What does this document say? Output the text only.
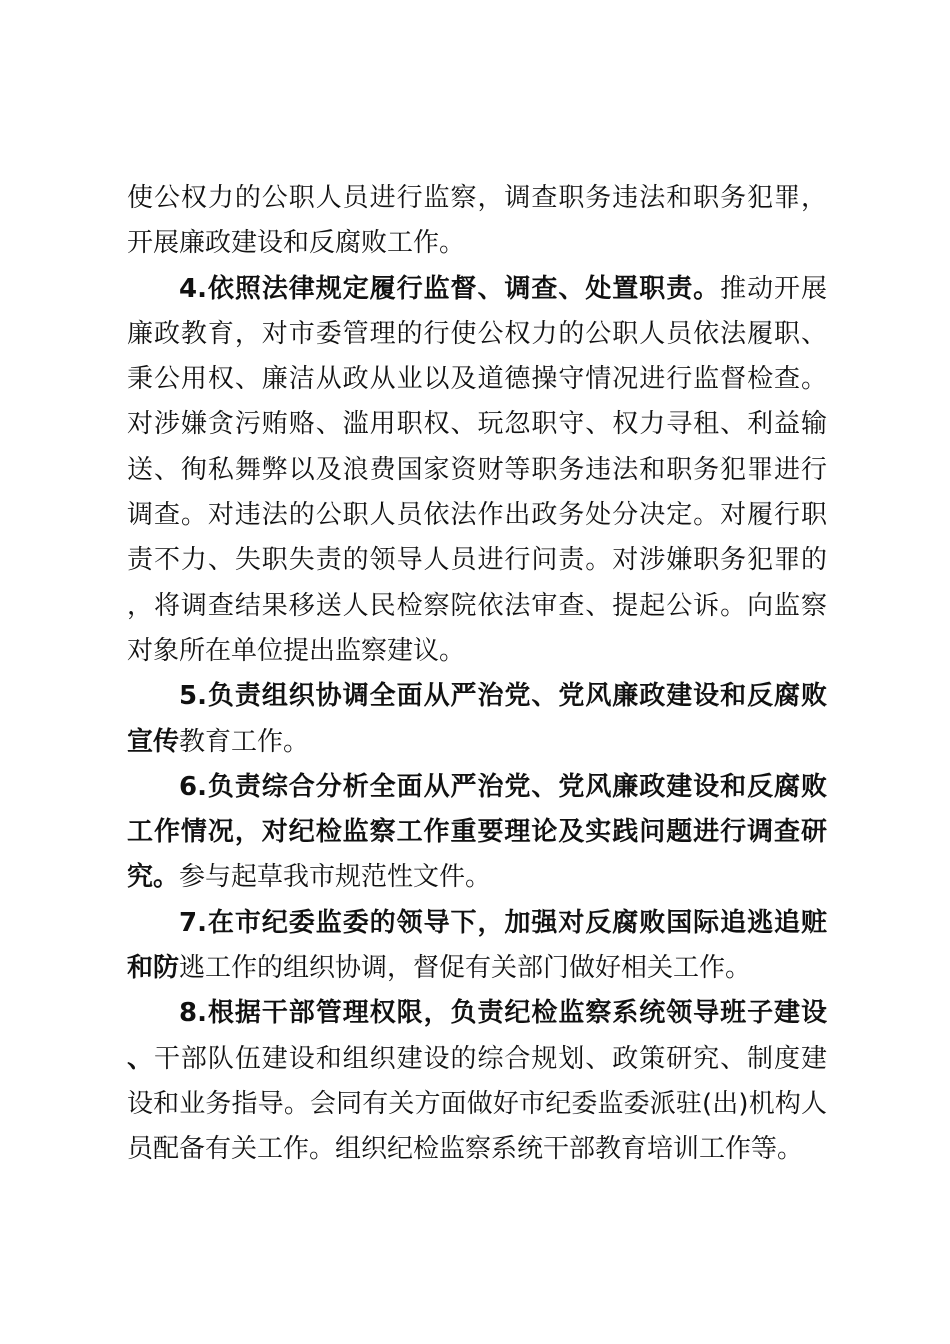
使公权力的公职人员进行监察，调查职务违法和职务犯罪，开展廉政建设和反腐败工作。

4.依照法律规定履行监督、调查、处置职责。推动开展廉政教育，对市委管理的行使公权力的公职人员依法履职、秉公用权、廉洁从政从业以及道德操守情况进行监督检查。对涉嫌贪污贿赂、滥用职权、玩忽职守、权力寻租、利益输送、徇私舞弊以及浪费国家资财等职务违法和职务犯罪进行调查。对违法的公职人员依法作出政务处分决定。对履行职责不力、失职失责的领导人员进行问责。对涉嫌职务犯罪的，将调查结果移送人民检察院依法审查、提起公诉。向监察对象所在单位提出监察建议。

5.负责组织协调全面从严治党、党风廉政建设和反腐败宣传教育工作。

6.负责综合分析全面从严治党、党风廉政建设和反腐败工作情况，对纪检监察工作重要理论及实践问题进行调查研究。参与起草我市规范性文件。

7.在市纪委监委的领导下，加强对反腐败国际追逃追赃和防逃工作的组织协调，督促有关部门做好相关工作。

8.根据干部管理权限，负责纪检监察系统领导班子建设、干部队伍建设和组织建设的综合规划、政策研究、制度建设和业务指导。会同有关方面做好市纪委监委派驻(出)机构人员配备有关工作。组织纪检监察系统干部教育培训工作等。
